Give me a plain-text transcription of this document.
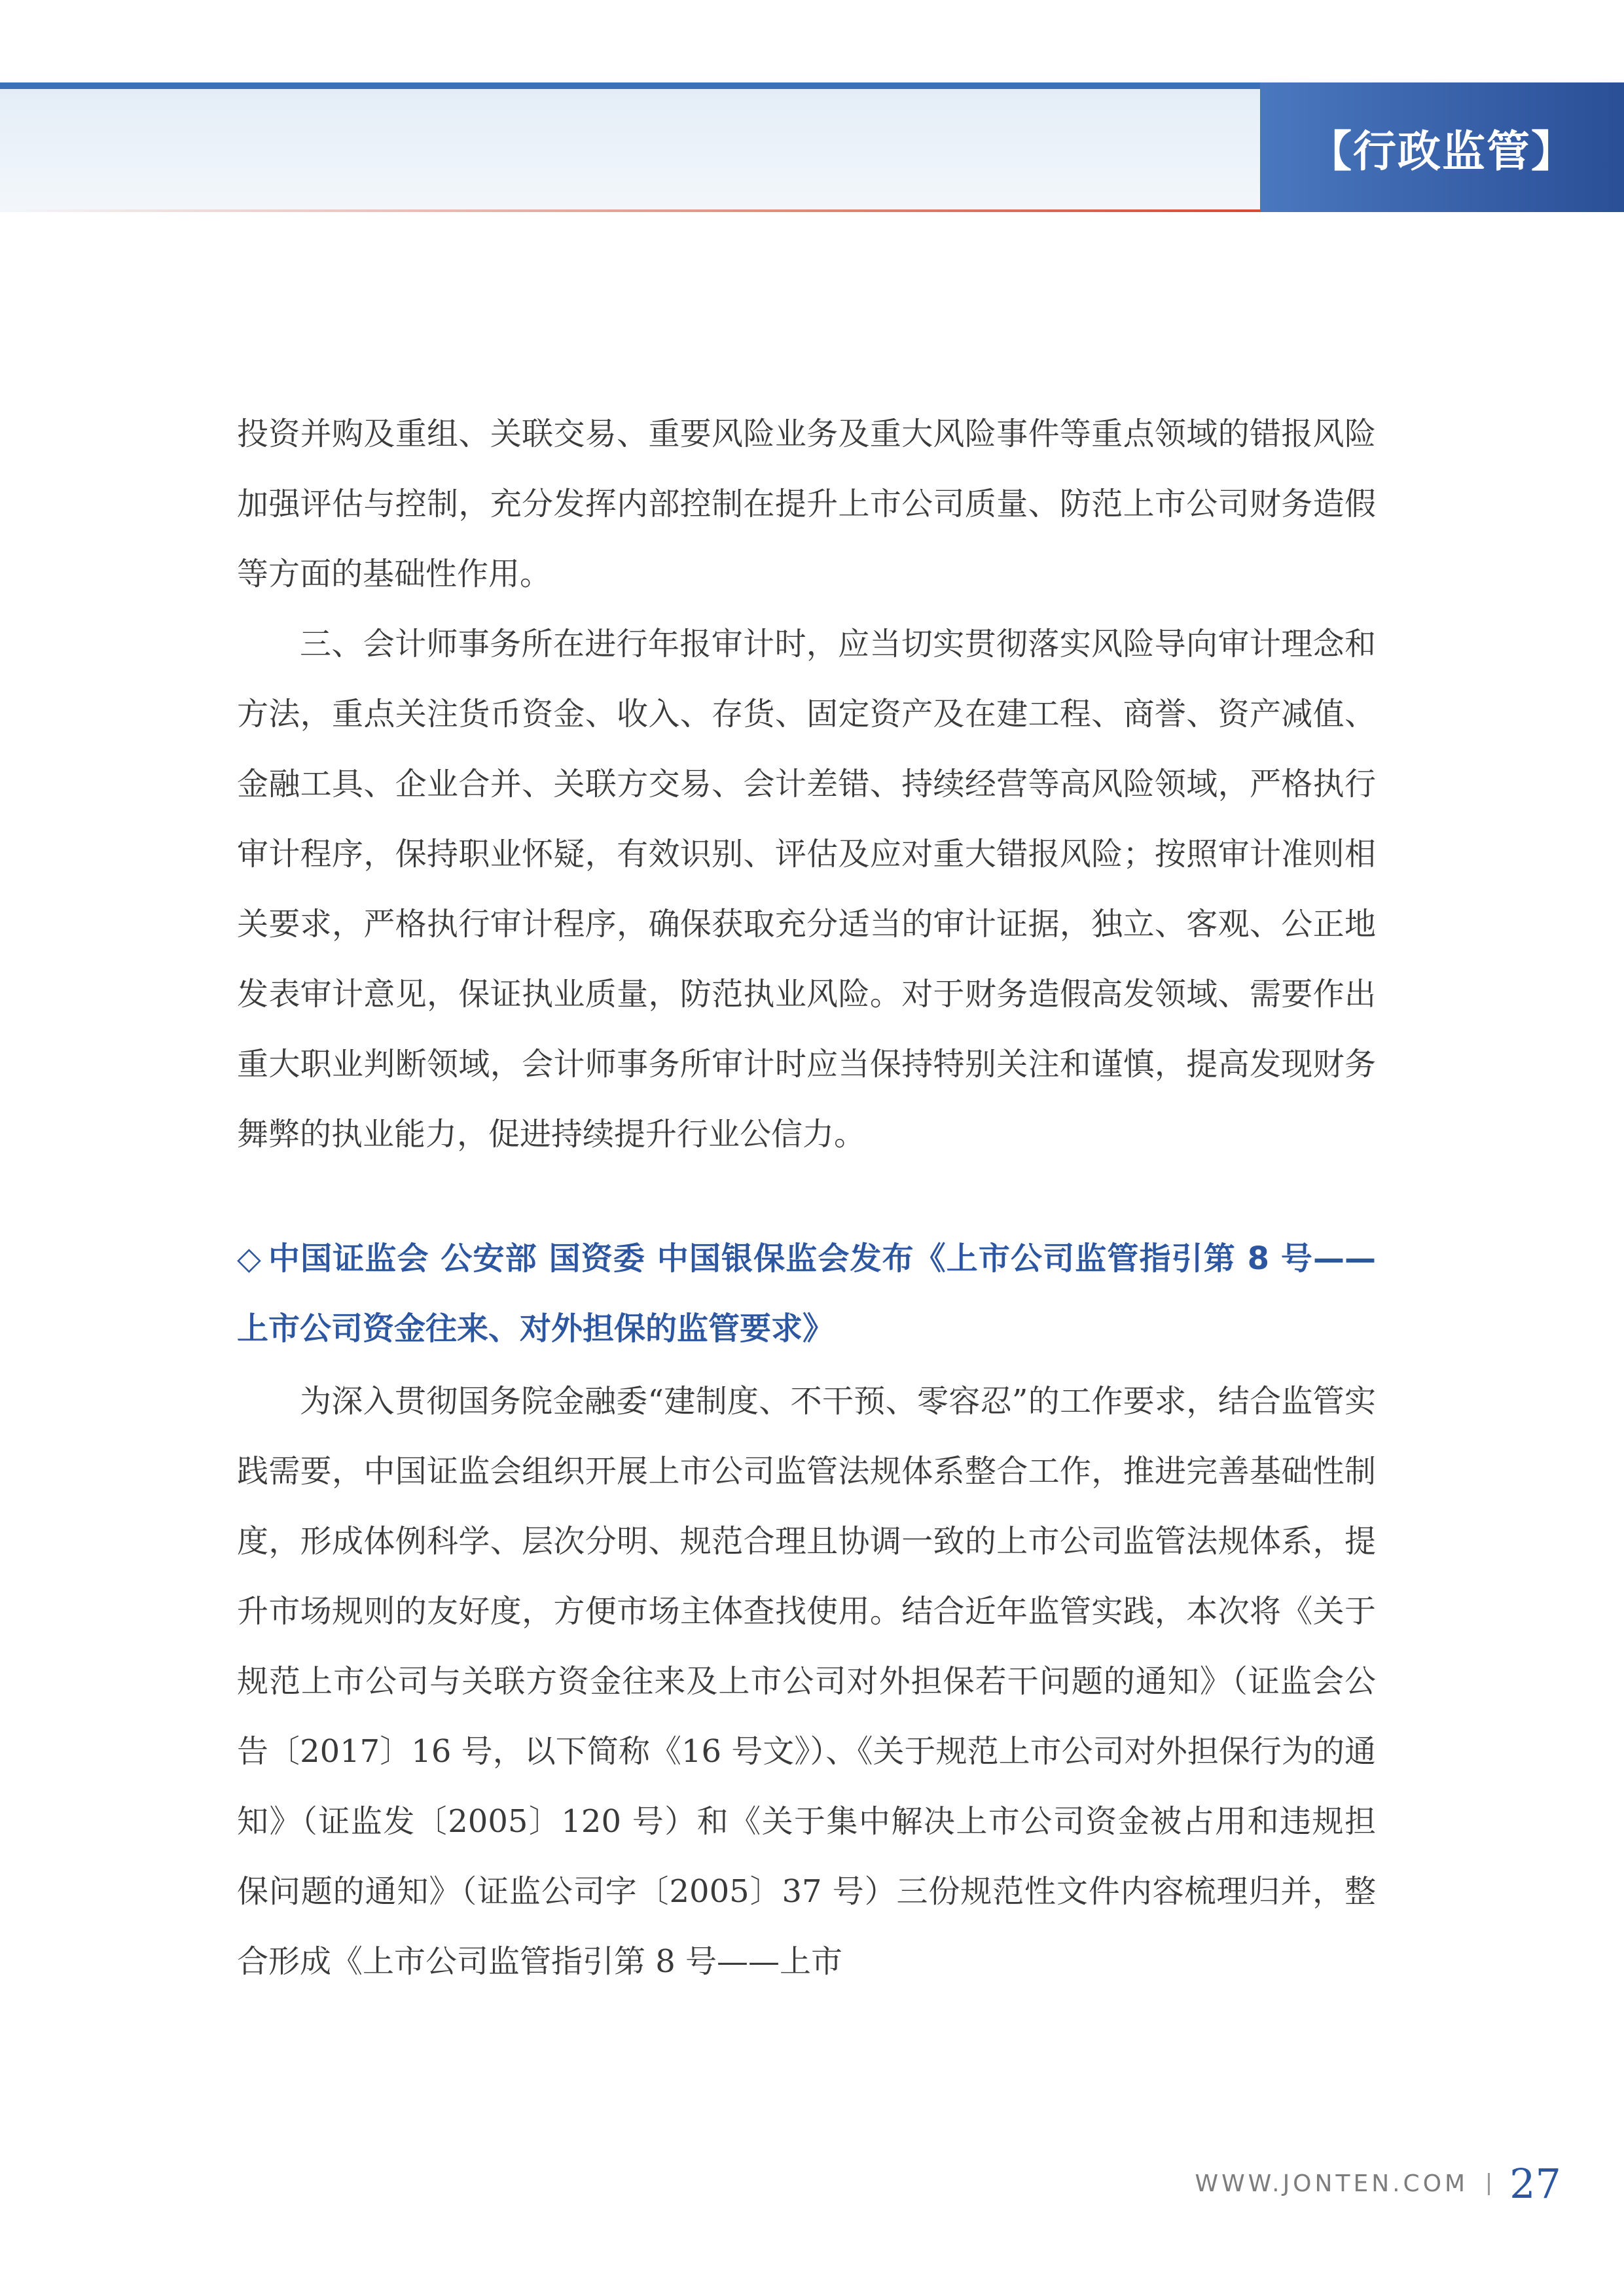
【行政监管】

投资并购及重组、关联交易、重要风险业务及重大风险事件等重点领域的错报风险加强评估与控制，充分发挥内部控制在提升上市公司质量、防范上市公司财务造假等方面的基础性作用。

三、会计师事务所在进行年报审计时，应当切实贯彻落实风险导向审计理念和方法，重点关注货币资金、收入、存货、固定资产及在建工程、商誉、资产减值、金融工具、企业合并、关联方交易、会计差错、持续经营等高风险领域，严格执行审计程序，保持职业怀疑，有效识别、评估及应对重大错报风险；按照审计准则相关要求，严格执行审计程序，确保获取充分适当的审计证据，独立、客观、公正地发表审计意见，保证执业质量，防范执业风险。对于财务造假高发领域、需要作出重大职业判断领域，会计师事务所审计时应当保持特别关注和谨慎，提高发现财务舞弊的执业能力，促进持续提升行业公信力。

◇ 中国证监会 公安部 国资委 中国银保监会发布《上市公司监管指引第 8 号——上市公司资金往来、对外担保的监管要求》

为深入贯彻国务院金融委“建制度、不干预、零容忍”的工作要求，结合监管实践需要，中国证监会组织开展上市公司监管法规体系整合工作，推进完善基础性制度，形成体例科学、层次分明、规范合理且协调一致的上市公司监管法规体系，提升市场规则的友好度，方便市场主体查找使用。结合近年监管实践，本次将《关于规范上市公司与关联方资金往来及上市公司对外担保若干问题的通知》（证监会公告〔2017〕16 号，以下简称《16 号文》）、《关于规范上市公司对外担保行为的通知》（证监发〔2005〕120 号）和《关于集中解决上市公司资金被占用和违规担保问题的通知》（证监公司字〔2005〕37 号）三份规范性文件内容梳理归并，整合形成《上市公司监管指引第 8 号——上市

WWW.JONTEN.COM 27
